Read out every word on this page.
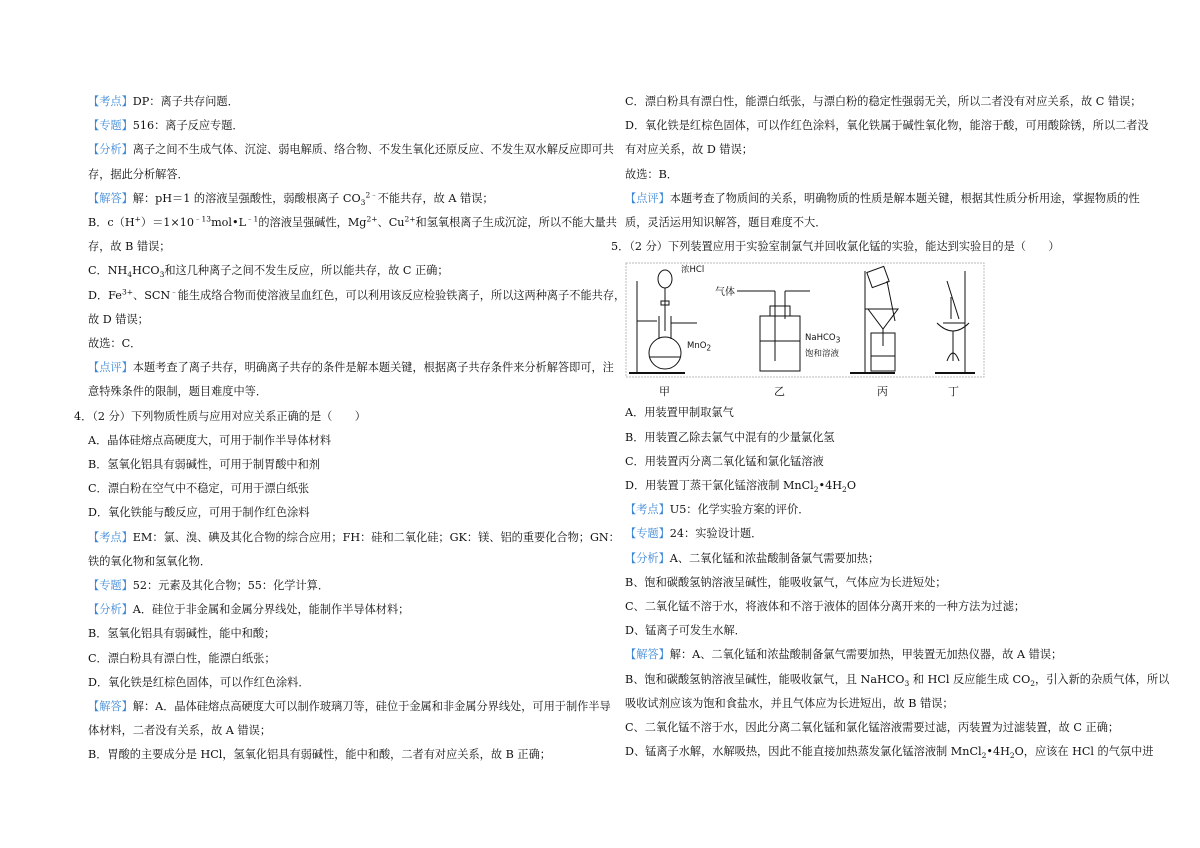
【考点】DP：离子共存问题．
【专题】516：离子反应专题．
【分析】离子之间不生成气体、沉淀、弱电解质、络合物、不发生氧化还原反应、不发生双水解反应即可共
存，据此分析解答．
【解答】解：pH＝1 的溶液呈强酸性，弱酸根离子 $CO_3^{2﹣}$不能共存，故 A 错误；
B．$c(H^+)=1\times 10^{﹣13}mol•L^{﹣1}$的溶液呈强碱性，$Mg^{2+}$、$Cu^{2+}$和氢氧根离子生成沉淀，所以不能大量共
存，故 B 错误；
C．$NH_4HCO_3$和这几种离子之间不发生反应，所以能共存，故 C 正确；
D．$Fe^{3+}$、SCN﹣能生成络合物而使溶液呈血红色，可以利用该反应检验铁离子，所以这两种离子不能共存，
故 D 错误；
故选：C．
【点评】本题考查了离子共存，明确离子共存的条件是解本题关键，根据离子共存条件来分析解答即可，注
意特殊条件的限制，题目难度中等．
4．（2 分）下列物质性质与应用对应关系正确的是（　　）
A．晶体硅熔点高硬度大，可用于制作半导体材料
B．氢氧化铝具有弱碱性，可用于制胃酸中和剂
C．漂白粉在空气中不稳定，可用于漂白纸张
D．氧化铁能与酸反应，可用于制作红色涂料
【考点】EM：氯、溴、碘及其化合物的综合应用；FH：硅和二氧化硅；GK：镁、铝的重要化合物；GN：
铁的氧化物和氢氧化物．
【专题】52：元素及其化合物；55：化学计算．
【分析】A．硅位于非金属和金属分界线处，能制作半导体材料；
B．氢氧化铝具有弱碱性，能中和酸；
C．漂白粉具有漂白性，能漂白纸张；
D．氧化铁是红棕色固体，可以作红色涂料．
【解答】解：A．晶体硅熔点高硬度大可以制作玻璃刀等，硅位于金属和非金属分界线处，可用于制作半导
体材料，二者没有关系，故 A 错误；
B．胃酸的主要成分是 HCl，氢氧化铝具有弱碱性，能中和酸，二者有对应关系，故 B 正确；
C．漂白粉具有漂白性，能漂白纸张，与漂白粉的稳定性强弱无关，所以二者没有对应关系，故 C 错误；
D．氧化铁是红棕色固体，可以作红色涂料，氧化铁属于碱性氧化物，能溶于酸，可用酸除锈，所以二者没
有对应关系，故 D 错误；
故选：B．
【点评】本题考查了物质间的关系，明确物质的性质是解本题关键，根据其性质分析用途，掌握物质的性
质，灵活运用知识解答，题目难度不大．
5．（2 分）下列装置应用于实验室制氯气并回收氯化锰的实验，能达到实验目的是（　　）
浓HCl
MnO$_2$
气体
NaHCO$_3$
饱和溶液
甲	乙	丙	丁
A．用装置甲制取氯气
B．用装置乙除去氯气中混有的少量氯化氢
C．用装置丙分离二氧化锰和氯化锰溶液
D．用装置丁蒸干氯化锰溶液制 $MnCl_2•4H_2O$
【考点】U5：化学实验方案的评价．
【专题】24：实验设计题．
【分析】A、二氧化锰和浓盐酸制备氯气需要加热；
B、饱和碳酸氢钠溶液呈碱性，能吸收氯气，气体应为长进短处；
C、二氧化锰不溶于水，将液体和不溶于液体的固体分离开来的一种方法为过滤；
D、锰离子可发生水解．
【解答】解：A、二氧化锰和浓盐酸制备氯气需要加热，甲装置无加热仪器，故 A 错误；
B、饱和碳酸氢钠溶液呈碱性，能吸收氯气，且 NaHCO$_3$ 和 HCl 反应能生成 $CO_2$，引入新的杂质气体，所以
吸收试剂应该为饱和食盐水，并且气体应为长进短出，故 B 错误；
C、二氧化锰不溶于水，因此分离二氧化锰和氯化锰溶液需要过滤，丙装置为过滤装置，故 C 正确；
D、锰离子水解，水解吸热，因此不能直接加热蒸发氯化锰溶液制 $MnCl_2•4H_2O$，应该在 HCl 的气氛中进
